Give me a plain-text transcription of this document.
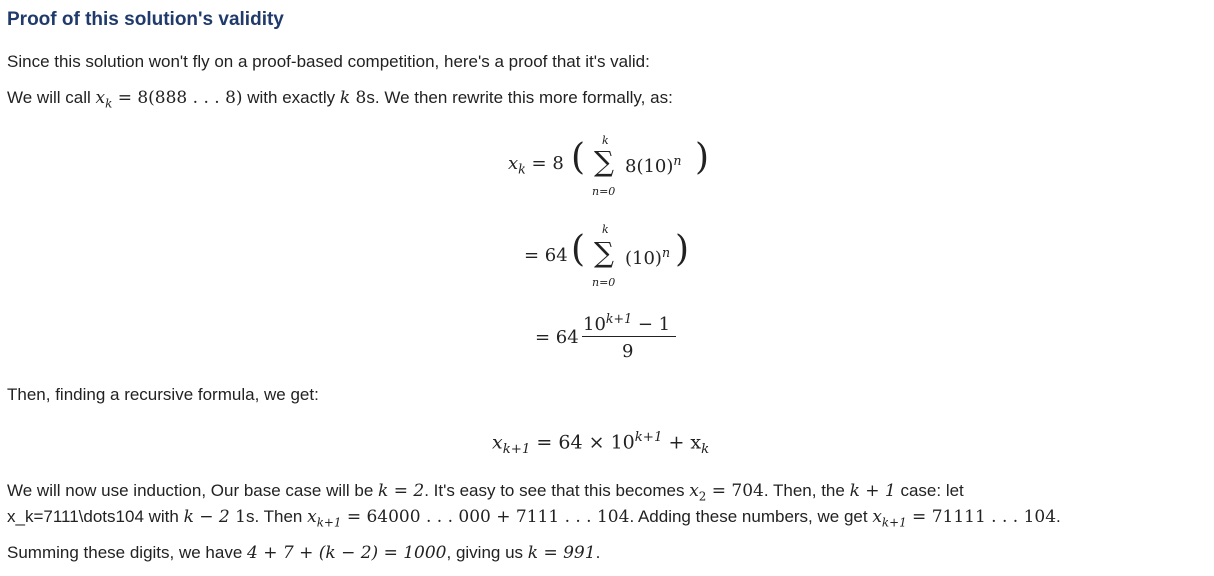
Proof of this solution's validity
Since this solution won't fly on a proof-based competition, here's a proof that it's valid:
We will call $x_k = 8(888$ . . . 8) with exactly k 8s. We then rewrite this more formally, as:
$x_k = 8$ ( k
∑
n=0
$8(10)^n$ )
= 64 ( k
∑
n=0
$(10)^n$ )
= 64
$10^{k+1} - 1$
9
Then, finding a recursive formula, we get:
$x_{k+1} = 64 \times 10^{k+1} + x_k$
We will now use induction, Our base case will be k = 2. It's easy to see that this becomes $x_2 = 704$. Then, the k + 1 case: let
x_k=7111\dots104 with k − 2 1s. Then $x_{k+1} = 64000$ . . . 000 + 7111 . . . 104. Adding these numbers, we get $x_{k+1} = 71111$ . . . 104.
Summing these digits, we have 4 + 7 + (k − 2) = 1000, giving us k = 991.
